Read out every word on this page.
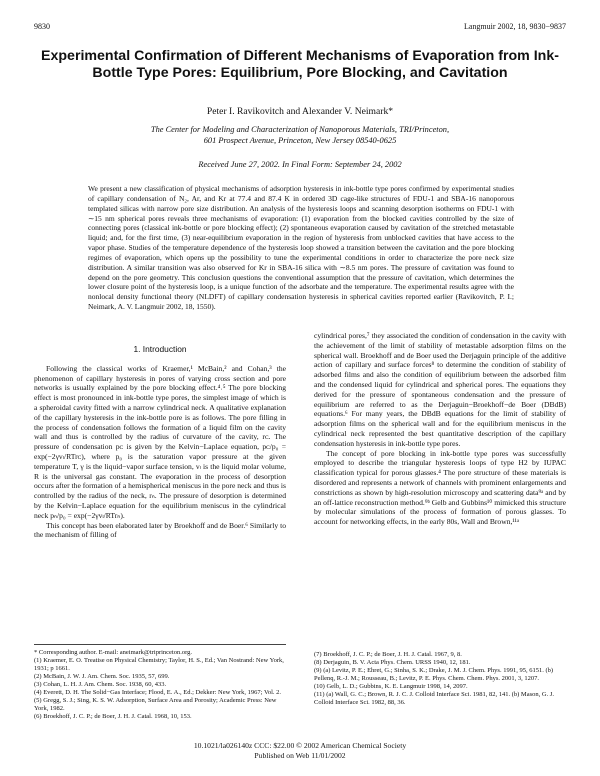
9830	Langmuir 2002, 18, 9830−9837
Experimental Confirmation of Different Mechanisms of Evaporation from Ink-Bottle Type Pores: Equilibrium, Pore Blocking, and Cavitation
Peter I. Ravikovitch and Alexander V. Neimark*
The Center for Modeling and Characterization of Nanoporous Materials, TRI/Princeton,
601 Prospect Avenue, Princeton, New Jersey 08540-0625
Received June 27, 2002. In Final Form: September 24, 2002

We present a new classification of physical mechanisms of adsorption hysteresis in ink-bottle type pores confirmed by experimental studies of capillary condensation of N₂, Ar, and Kr at 77.4 and 87.4 K in ordered 3D cage-like structures of FDU-1 and SBA-16 nanoporous templated silicas with narrow pore size distribution. An analysis of the hysteresis loops and scanning desorption isotherms on FDU-1 with ∼15 nm spherical pores reveals three mechanisms of evaporation: (1) evaporation from the blocked cavities controlled by the size of connecting pores (classical ink-bottle or pore blocking effect); (2) spontaneous evaporation caused by cavitation of the stretched metastable liquid; and, for the first time, (3) near-equilibrium evaporation in the region of hysteresis from unblocked cavities that have access to the vapor phase. Studies of the temperature dependence of the hysteresis loop showed a transition between the cavitation and the pore blocking regimes of evaporation, which opens up the possibility to tune the experimental conditions in order to characterize the pore neck size distribution. A similar transition was also observed for Kr in SBA-16 silica with ∼8.5 nm pores. The pressure of cavitation was found to depend on the pore geometry. This conclusion questions the conventional assumption that the pressure of cavitation, which determines the lower closure point of the hysteresis loop, is a unique function of the adsorbate and the temperature. The experimental results agree with the nonlocal density functional theory (NLDFT) of capillary condensation hysteresis in spherical cavities reported earlier (Ravikovitch, P. I.; Neimark, A. V. Langmuir 2002, 18, 1550).

1. Introduction

Following the classical works of Kraemer,¹ McBain,² and Cohan,³ the phenomenon of capillary hysteresis in pores of varying cross section and pore networks is usually explained by the pore blocking effect.⁴˒⁵ The pore blocking effect is most pronounced in ink-bottle type pores, the simplest image of which is a spheroidal cavity fitted with a narrow cylindrical neck. A qualitative explanation of the capillary hysteresis in the ink-bottle pore is as follows. The pore filling in the process of condensation follows the formation of a liquid film on the cavity wall and thus is controlled by the radius of curvature of the cavity, rᴄ. The pressure of condensation pᴄ is given by the Kelvin−Laplace equation, pᴄ/p₀ = exp(−2γvₗ/RTrᴄ), where p₀ is the saturation vapor pressure at the given temperature T, γ is the liquid−vapor surface tension, vₗ is the liquid molar volume, R is the universal gas constant. The evaporation in the process of desorption occurs after the formation of a hemispherical meniscus in the pore neck and thus is controlled by the radius of the neck, rₙ. The pressure of desorption is determined by the Kelvin−Laplace equation for the equilibrium meniscus in the cylindrical neck pₙ/p₀ = exp(−2γvₗ/RTrₙ).

This concept has been elaborated later by Broekhoff and de Boer.⁶ Similarly to the mechanism of filling of

cylindrical pores,⁷ they associated the condition of condensation in the cavity with the achievement of the limit of stability of metastable adsorption films on the spherical wall. Broekhoff and de Boer used the Derjaguin principle of the additive action of capillary and surface forces⁸ to determine the condition of stability of adsorbed films and also the condition of equilibrium between the adsorbed film and the condensed liquid for cylindrical and spherical pores. The equations they derived for the pressure of spontaneous condensation and the pressure of equilibrium are referred to as the Derjaguin−Broekhoff−de Boer (DBdB) equations.⁶ For many years, the DBdB equations for the limit of stability of adsorption films on the spherical wall and for the equilibrium meniscus in the cylindrical neck represented the best quantitative description of the capillary condensation hysteresis in ink-bottle type pores.

The concept of pore blocking in ink-bottle type pores was successfully employed to describe the triangular hysteresis loops of type H2 by IUPAC classification typical for porous glasses.⁴ The pore structure of these materials is disordered and represents a network of channels with prominent enlargements and constrictions as shown by high-resolution microscopy and scattering data⁹ᵃ and by an off-lattice reconstruction method.⁹ᵇ Gelb and Gubbins¹⁰ mimicked this structure by molecular simulations of the process of formation of porous glasses. To account for networking effects, in the early 80s, Wall and Brown,¹¹ᵃ

* Corresponding author. E-mail: aneimark@triprinceton.org.
(1) Kraemer, E. O. Treatise on Physical Chemistry; Taylor, H. S., Ed.; Van Nostrand: New York, 1931; p 1661.
(2) McBain, J. W. J. Am. Chem. Soc. 1935, 57, 699.
(3) Cohan, L. H. J. Am. Chem. Soc. 1938, 60, 433.
(4) Everett, D. H. The Solid−Gas Interface; Flood, E. A., Ed.; Dekker: New York, 1967; Vol. 2.
(5) Gregg, S. J.; Sing, K. S. W. Adsorption, Surface Area and Porosity; Academic Press: New York, 1982.
(6) Broekhoff, J. C. P.; de Boer, J. H. J. Catal. 1968, 10, 153.
(7) Broekhoff, J. C. P.; de Boer, J. H. J. Catal. 1967, 9, 8.
(8) Derjaguin, B. V. Acta Phys. Chem. URSS 1940, 12, 181.
(9) (a) Levitz, P. E.; Ehret, G.; Sinha, S. K.; Drake, J. M. J. Chem. Phys. 1991, 95, 6151. (b) Pellenq, R.-J. M.; Rousseau, B.; Levitz, P. E. Phys. Chem. Chem. Phys. 2001, 3, 1207.
(10) Gelb, L. D.; Gubbins, K. E. Langmuir 1998, 14, 2097.
(11) (a) Wall, G. C.; Brown, R. J. C. J. Colloid Interface Sci. 1981, 82, 141. (b) Mason, G. J. Colloid Interface Sci. 1982, 88, 36.
10.1021/la026140z CCC: $22.00 © 2002 American Chemical Society
Published on Web 11/01/2002
